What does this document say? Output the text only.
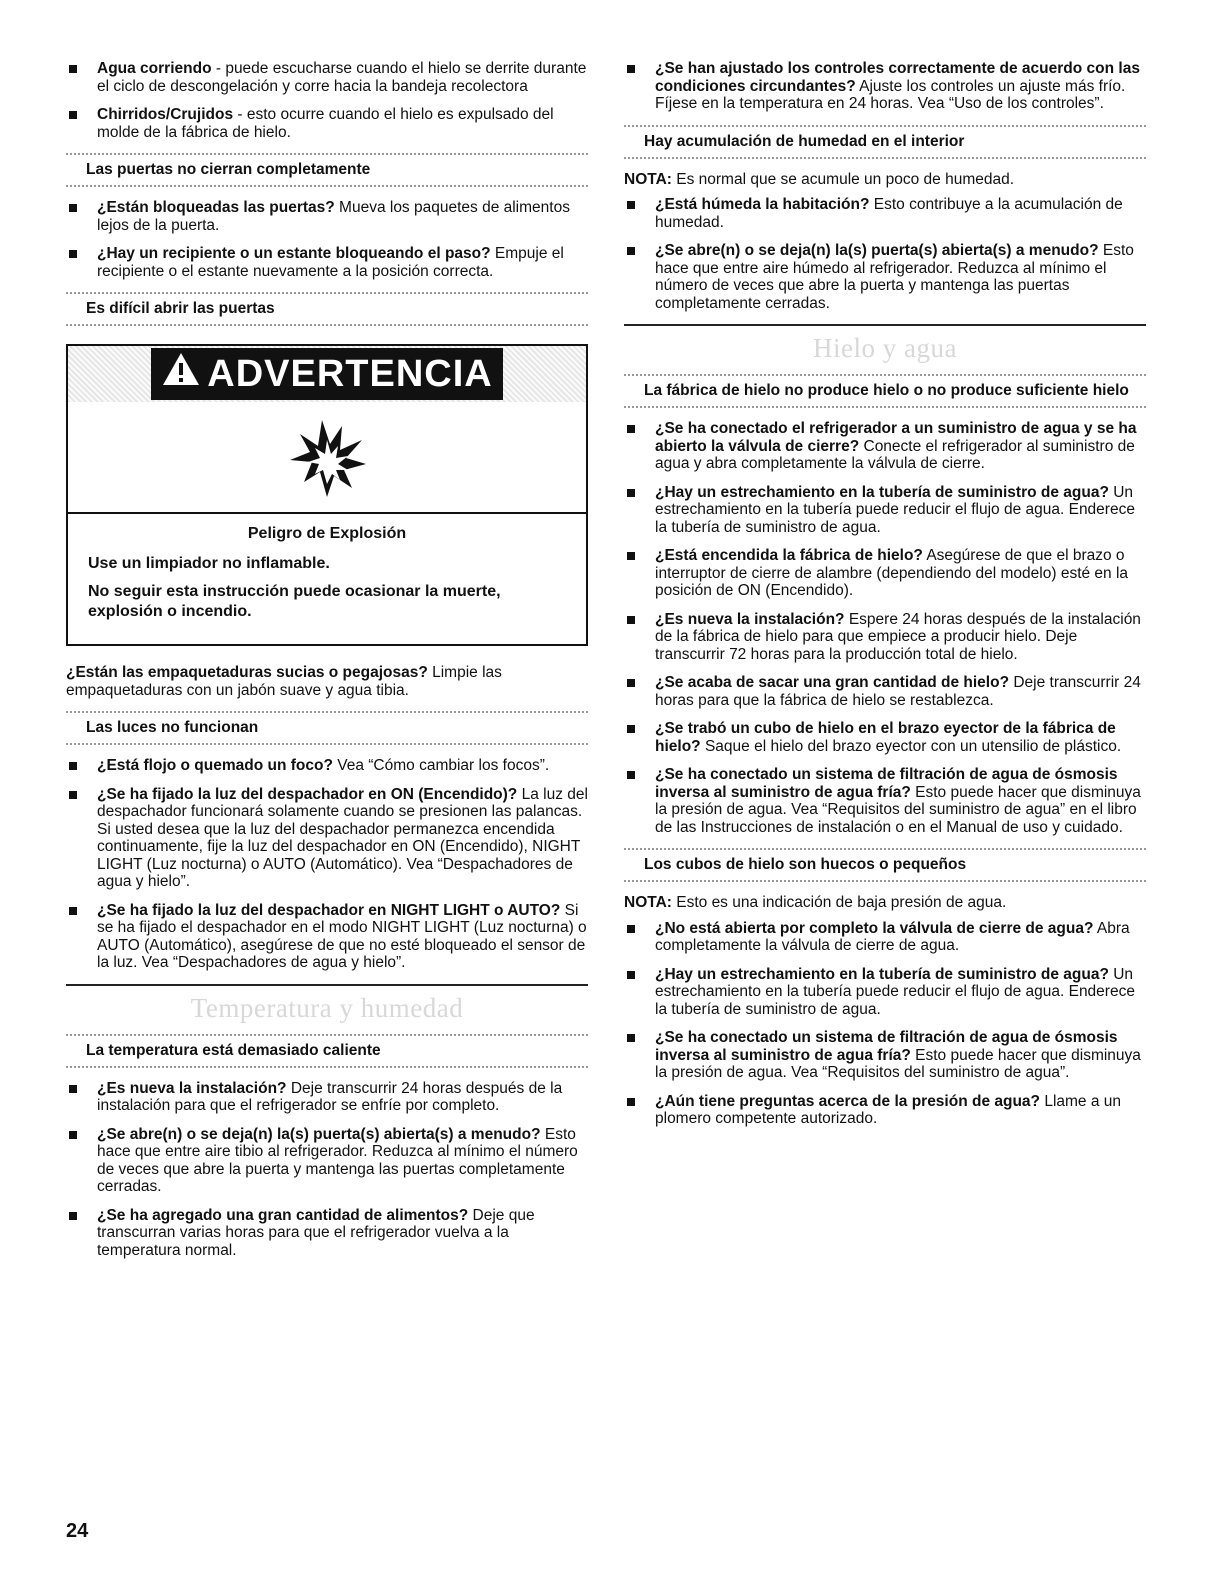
Agua corriendo - puede escucharse cuando el hielo se derrite durante el ciclo de descongelación y corre hacia la bandeja recolectora
Chirridos/Crujidos - esto ocurre cuando el hielo es expulsado del molde de la fábrica de hielo.
Las puertas no cierran completamente
¿Están bloqueadas las puertas? Mueva los paquetes de alimentos lejos de la puerta.
¿Hay un recipiente o un estante bloqueando el paso? Empuje el recipiente o el estante nuevamente a la posición correcta.
Es difícil abrir las puertas
ADVERTENCIA
Peligro de Explosión

Use un limpiador no inflamable.

No seguir esta instrucción puede ocasionar la muerte, explosión o incendio.

¿Están las empaquetaduras sucias o pegajosas? Limpie las empaquetaduras con un jabón suave y agua tibia.

Las luces no funcionan
¿Está flojo o quemado un foco? Vea “Cómo cambiar los focos”.
¿Se ha fijado la luz del despachador en ON (Encendido)? La luz del despachador funcionará solamente cuando se presionen las palancas. Si usted desea que la luz del despachador permanezca encendida continuamente, fije la luz del despachador en ON (Encendido), NIGHT LIGHT (Luz nocturna) o AUTO (Automático). Vea “Despachadores de agua y hielo”.
¿Se ha fijado la luz del despachador en NIGHT LIGHT o AUTO? Si se ha fijado el despachador en el modo NIGHT LIGHT (Luz nocturna) o AUTO (Automático), asegúrese de que no esté bloqueado el sensor de la luz. Vea “Despachadores de agua y hielo”.
Temperatura y humedad
La temperatura está demasiado caliente
¿Es nueva la instalación? Deje transcurrir 24 horas después de la instalación para que el refrigerador se enfríe por completo.
¿Se abre(n) o se deja(n) la(s) puerta(s) abierta(s) a menudo? Esto hace que entre aire tibio al refrigerador. Reduzca al mínimo el número de veces que abre la puerta y mantenga las puertas completamente cerradas.
¿Se ha agregado una gran cantidad de alimentos? Deje que transcurran varias horas para que el refrigerador vuelva a la temperatura normal.
¿Se han ajustado los controles correctamente de acuerdo con las condiciones circundantes? Ajuste los controles un ajuste más frío. Fíjese en la temperatura en 24 horas. Vea “Uso de los controles”.
Hay acumulación de humedad en el interior

NOTA: Es normal que se acumule un poco de humedad.

¿Está húmeda la habitación? Esto contribuye a la acumulación de humedad.
¿Se abre(n) o se deja(n) la(s) puerta(s) abierta(s) a menudo? Esto hace que entre aire húmedo al refrigerador. Reduzca al mínimo el número de veces que abre la puerta y mantenga las puertas completamente cerradas.
Hielo y agua
La fábrica de hielo no produce hielo o no produce suficiente hielo
¿Se ha conectado el refrigerador a un suministro de agua y se ha abierto la válvula de cierre? Conecte el refrigerador al suministro de agua y abra completamente la válvula de cierre.
¿Hay un estrechamiento en la tubería de suministro de agua? Un estrechamiento en la tubería puede reducir el flujo de agua. Enderece la tubería de suministro de agua.
¿Está encendida la fábrica de hielo? Asegúrese de que el brazo o interruptor de cierre de alambre (dependiendo del modelo) esté en la posición de ON (Encendido).
¿Es nueva la instalación? Espere 24 horas después de la instalación de la fábrica de hielo para que empiece a producir hielo. Deje transcurrir 72 horas para la producción total de hielo.
¿Se acaba de sacar una gran cantidad de hielo? Deje transcurrir 24 horas para que la fábrica de hielo se restablezca.
¿Se trabó un cubo de hielo en el brazo eyector de la fábrica de hielo? Saque el hielo del brazo eyector con un utensilio de plástico.
¿Se ha conectado un sistema de filtración de agua de ósmosis inversa al suministro de agua fría? Esto puede hacer que disminuya la presión de agua. Vea “Requisitos del suministro de agua” en el libro de las Instrucciones de instalación o en el Manual de uso y cuidado.
Los cubos de hielo son huecos o pequeños

NOTA: Esto es una indicación de baja presión de agua.

¿No está abierta por completo la válvula de cierre de agua? Abra completamente la válvula de cierre de agua.
¿Hay un estrechamiento en la tubería de suministro de agua? Un estrechamiento en la tubería puede reducir el flujo de agua. Enderece la tubería de suministro de agua.
¿Se ha conectado un sistema de filtración de agua de ósmosis inversa al suministro de agua fría? Esto puede hacer que disminuya la presión de agua. Vea “Requisitos del suministro de agua”.
¿Aún tiene preguntas acerca de la presión de agua? Llame a un plomero competente autorizado.
24
